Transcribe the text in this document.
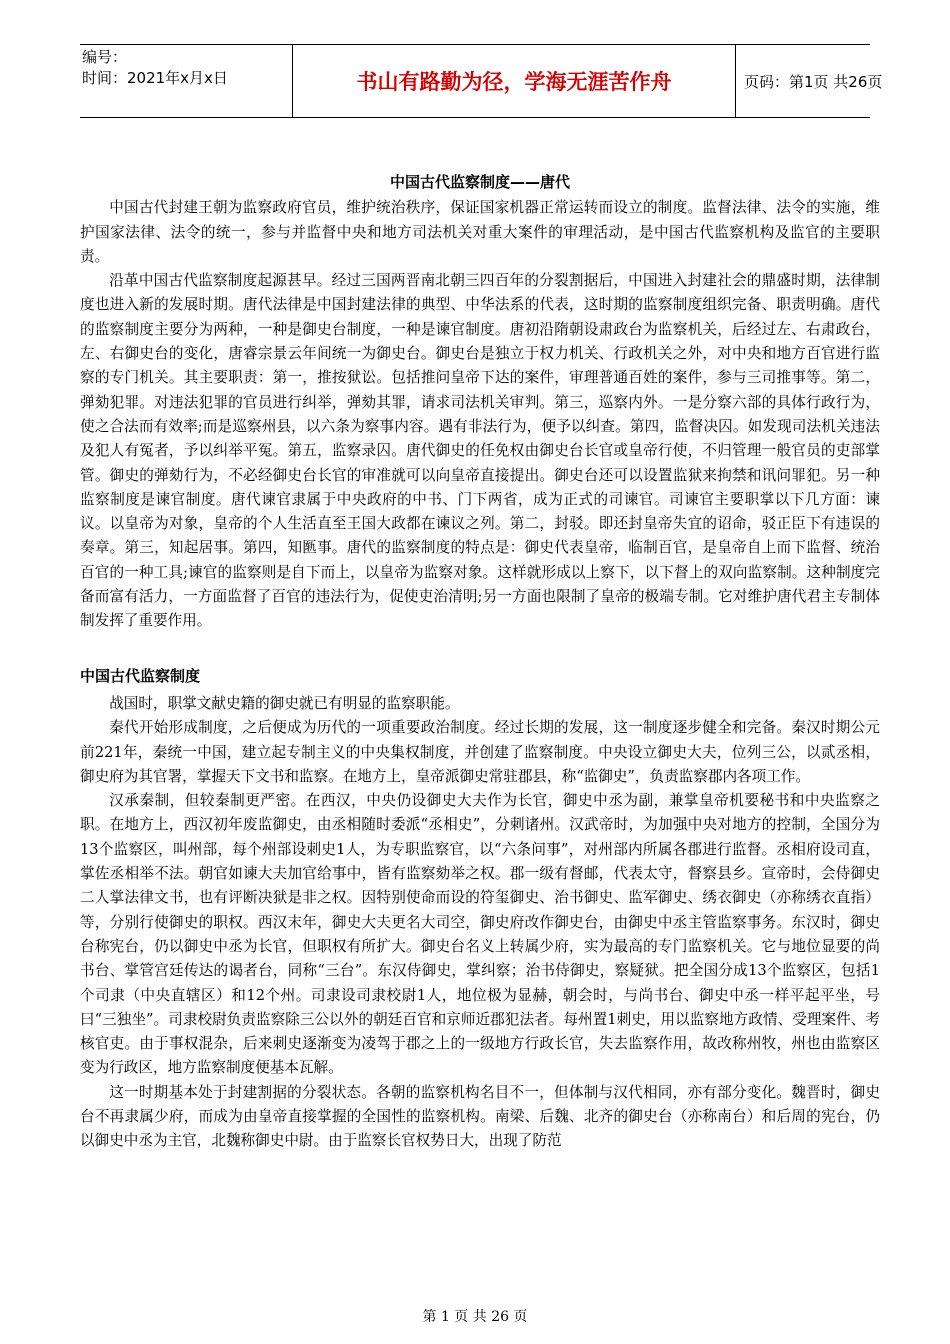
编号：
时间：2021年x月x日	书山有路勤为径，学海无涯苦作舟	页码：第1页 共26页
中国古代监察制度——唐代

中国古代封建王朝为监察政府官员，维护统治秩序，保证国家机器正常运转而设立的制度。监督法律、法令的实施，维护国家法律、法令的统一，参与并监督中央和地方司法机关对重大案件的审理活动，是中国古代监察机构及监官的主要职责。

沿革中国古代监察制度起源甚早。经过三国两晋南北朝三四百年的分裂割据后，中国进入封建社会的鼎盛时期，法律制度也进入新的发展时期。唐代法律是中国封建法律的典型、中华法系的代表，这时期的监察制度组织完备、职责明确。唐代的监察制度主要分为两种，一种是御史台制度，一种是谏官制度。唐初沿隋朝设肃政台为监察机关，后经过左、右肃政台，左、右御史台的变化，唐睿宗景云年间统一为御史台。御史台是独立于权力机关、行政机关之外，对中央和地方百官进行监察的专门机关。其主要职责：第一，推按狱讼。包括推问皇帝下达的案件，审理普通百姓的案件，参与三司推事等。第二，弹劾犯罪。对违法犯罪的官员进行纠举，弹劾其罪，请求司法机关审判。第三，巡察内外。一是分察六部的具体行政行为，使之合法而有效率;而是巡察州县，以六条为察事内容。遇有非法行为，便予以纠查。第四，监督决囚。如发现司法机关违法及犯人有冤者，予以纠举平冤。第五，监察录囚。唐代御史的任免权由御史台长官或皇帝行使，不归管理一般官员的吏部掌管。御史的弹劾行为，不必经御史台长官的审准就可以向皇帝直接提出。御史台还可以设置监狱来拘禁和讯问罪犯。另一种监察制度是谏官制度。唐代谏官隶属于中央政府的中书、门下两省，成为正式的司谏官。司谏官主要职掌以下几方面：谏议。以皇帝为对象，皇帝的个人生活直至王国大政都在谏议之列。第二，封驳。即还封皇帝失宜的诏命，驳正臣下有违误的奏章。第三，知起居事。第四，知匦事。唐代的监察制度的特点是：御史代表皇帝，临制百官，是皇帝自上而下监督、统治百官的一种工具;谏官的监察则是自下而上，以皇帝为监察对象。这样就形成以上察下，以下督上的双向监察制。这种制度完备而富有活力，一方面监督了百官的违法行为，促使吏治清明;另一方面也限制了皇帝的极端专制。它对维护唐代君主专制体制发挥了重要作用。

中国古代监察制度

战国时，职掌文献史籍的御史就已有明显的监察职能。

秦代开始形成制度，之后便成为历代的一项重要政治制度。经过长期的发展，这一制度逐步健全和完备。秦汉时期公元前221年，秦统一中国，建立起专制主义的中央集权制度，并创建了监察制度。中央设立御史大夫，位列三公，以贰丞相，御史府为其官署，掌握天下文书和监察。在地方上，皇帝派御史常驻郡县，称“监御史”，负责监察郡内各项工作。

汉承秦制，但较秦制更严密。在西汉，中央仍设御史大夫作为长官，御史中丞为副，兼掌皇帝机要秘书和中央监察之职。在地方上，西汉初年废监御史，由丞相随时委派“丞相史”，分刺诸州。汉武帝时，为加强中央对地方的控制，全国分为13个监察区，叫州部，每个州部设刺史1人，为专职监察官，以“六条问事”，对州部内所属各郡进行监督。丞相府设司直，掌佐丞相举不法。朝官如谏大夫加官给事中，皆有监察劾举之权。郡一级有督邮，代表太守，督察县乡。宣帝时，会侍御史二人掌法律文书，也有评断决狱是非之权。因特别使命而设的符玺御史、治书御史、监军御史、绣衣御史（亦称绣衣直指）等，分别行使御史的职权。西汉末年，御史大夫更名大司空，御史府改作御史台，由御史中丞主管监察事务。东汉时，御史台称宪台，仍以御史中丞为长官，但职权有所扩大。御史台名义上转属少府，实为最高的专门监察机关。它与地位显要的尚书台、掌管宫廷传达的谒者台，同称“三台”。东汉侍御史，掌纠察；治书侍御史，察疑狱。把全国分成13个监察区，包括1个司隶（中央直辖区）和12个州。司隶设司隶校尉1人，地位极为显赫，朝会时，与尚书台、御史中丞一样平起平坐，号曰“三独坐”。司隶校尉负责监察除三公以外的朝廷百官和京师近郡犯法者。每州置1刺史，用以监察地方政情、受理案件、考核官吏。由于事权混杂，后来刺史逐渐变为凌驾于郡之上的一级地方行政长官，失去监察作用，故改称州牧，州也由监察区变为行政区，地方监察制度便基本瓦解。

这一时期基本处于封建割据的分裂状态。各朝的监察机构名目不一，但体制与汉代相同，亦有部分变化。魏晋时，御史台不再隶属少府，而成为由皇帝直接掌握的全国性的监察机构。南梁、后魏、北齐的御史台（亦称南台）和后周的宪台，仍以御史中丞为主官，北魏称御史中尉。由于监察长官权势日大，出现了防范

第 1 页 共 26 页
